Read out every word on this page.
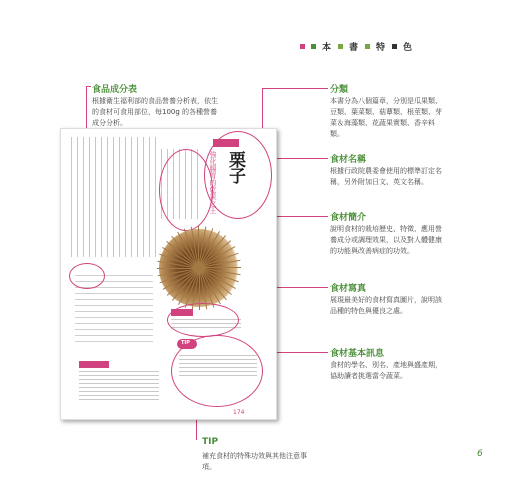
本 書 特 色
食品成分表
根據衛生福利部的食品營養分析表，依生的食材可食用部位，每100g 的各種營養成分分析。
分類
本書分為八個篇章，分別是瓜果類、豆類、葉菜類、菇蕈類、根莖類、芽菜＆海藻類、花蔬果實類、香辛料類。
食材名稱
根據行政院農委會使用的標準訂定名稱，另外附加日文、英文名稱。
食材簡介
說明食材的栽培歷史、特徵、應用營養成分或調理效果，以及對人體健康的功能與改善病症的功效。
食材寫真
展現最美好的食材寫真圖片，說明該品種的特色與優良之處。
食材基本訊息
食材的學名、別名、產地與盛產期，協助讀者挑選當令蔬菜。
TIP
補充食材的特殊功效與其他注意事項。
6
栗子
強化腸胃的乾果之王
TIP
174
